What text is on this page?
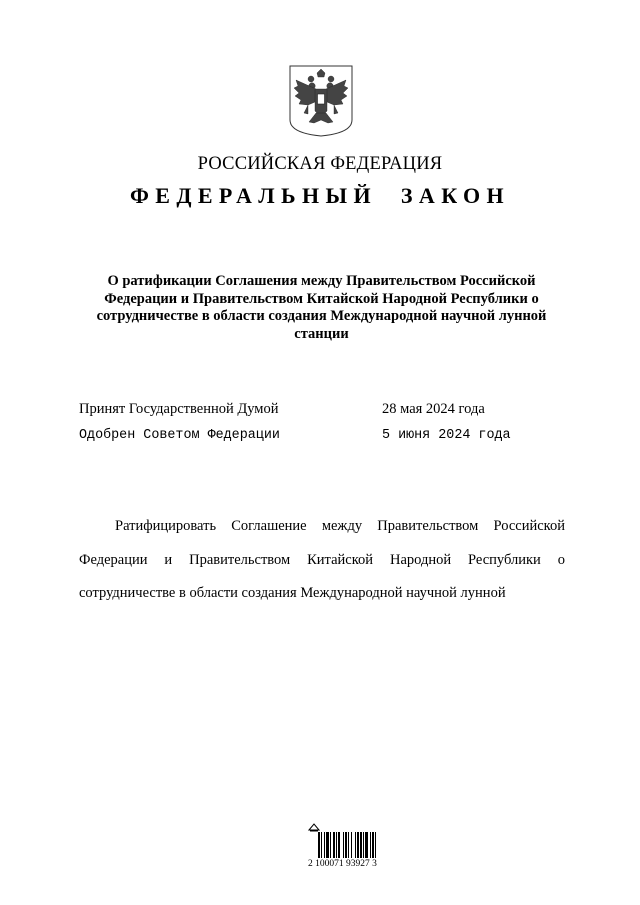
РОССИЙСКАЯ ФЕДЕРАЦИЯ
ФЕДЕРАЛЬНЫЙ ЗАКОН
О ратификации Соглашения между Правительством Российской Федерации и Правительством Китайской Народной Республики о сотрудничестве в области создания Международной научной лунной станции
Принят Государственной Думой	28 мая 2024 года
Одобрен Советом Федерации	5 июня 2024 года
Ратифицировать Соглашение между Правительством Российской Федерации и Правительством Китайской Народной Республики о сотрудничестве в области создания Международной научной лунной
2 100071 93927 3
